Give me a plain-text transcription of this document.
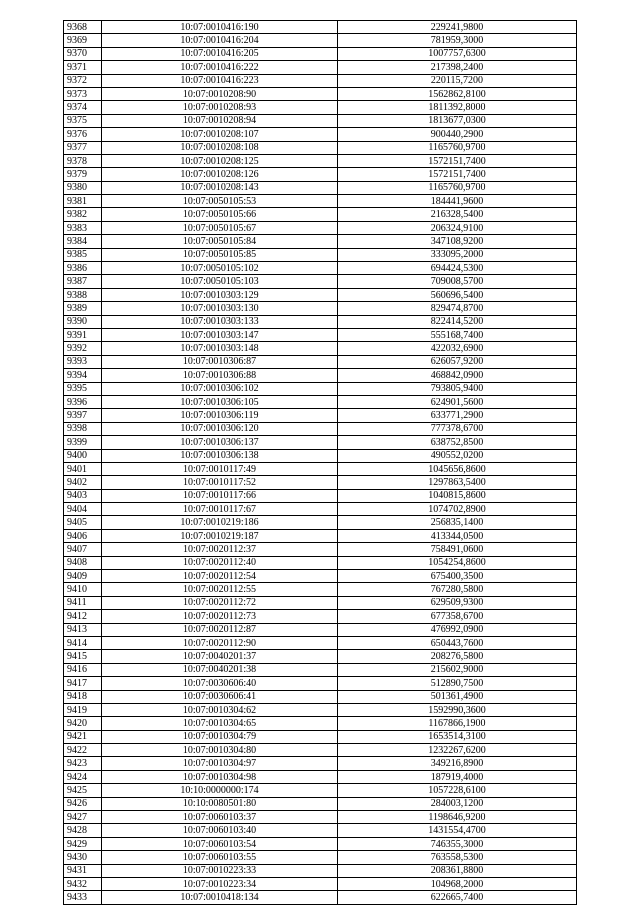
9368	10:07:0010416:190	229241,9800
9369	10:07:0010416:204	781959,3000
9370	10:07:0010416:205	1007757,6300
9371	10:07:0010416:222	217398,2400
9372	10:07:0010416:223	220115,7200
9373	10:07:0010208:90	1562862,8100
9374	10:07:0010208:93	1811392,8000
9375	10:07:0010208:94	1813677,0300
9376	10:07:0010208:107	900440,2900
9377	10:07:0010208:108	1165760,9700
9378	10:07:0010208:125	1572151,7400
9379	10:07:0010208:126	1572151,7400
9380	10:07:0010208:143	1165760,9700
9381	10:07:0050105:53	184441,9600
9382	10:07:0050105:66	216328,5400
9383	10:07:0050105:67	206324,9100
9384	10:07:0050105:84	347108,9200
9385	10:07:0050105:85	333095,2000
9386	10:07:0050105:102	694424,5300
9387	10:07:0050105:103	709008,5700
9388	10:07:0010303:129	560696,5400
9389	10:07:0010303:130	829474,8700
9390	10:07:0010303:133	822414,5200
9391	10:07:0010303:147	555168,7400
9392	10:07:0010303:148	422032,6900
9393	10:07:0010306:87	626057,9200
9394	10:07:0010306:88	468842,0900
9395	10:07:0010306:102	793805,9400
9396	10:07:0010306:105	624901,5600
9397	10:07:0010306:119	633771,2900
9398	10:07:0010306:120	777378,6700
9399	10:07:0010306:137	638752,8500
9400	10:07:0010306:138	490552,0200
9401	10:07:0010117:49	1045656,8600
9402	10:07:0010117:52	1297863,5400
9403	10:07:0010117:66	1040815,8600
9404	10:07:0010117:67	1074702,8900
9405	10:07:0010219:186	256835,1400
9406	10:07:0010219:187	413344,0500
9407	10:07:0020112:37	758491,0600
9408	10:07:0020112:40	1054254,8600
9409	10:07:0020112:54	675400,3500
9410	10:07:0020112:55	767280,5800
9411	10:07:0020112:72	629509,9300
9412	10:07:0020112:73	677358,6700
9413	10:07:0020112:87	476992,0900
9414	10:07:0020112:90	650443,7600
9415	10:07:0040201:37	208276,5800
9416	10:07:0040201:38	215602,9000
9417	10:07:0030606:40	512890,7500
9418	10:07:0030606:41	501361,4900
9419	10:07:0010304:62	1592990,3600
9420	10:07:0010304:65	1167866,1900
9421	10:07:0010304:79	1653514,3100
9422	10:07:0010304:80	1232267,6200
9423	10:07:0010304:97	349216,8900
9424	10:07:0010304:98	187919,4000
9425	10:10:0000000:174	1057228,6100
9426	10:10:0080501:80	284003,1200
9427	10:07:0060103:37	1198646,9200
9428	10:07:0060103:40	1431554,4700
9429	10:07:0060103:54	746355,3000
9430	10:07:0060103:55	763558,5300
9431	10:07:0010223:33	208361,8800
9432	10:07:0010223:34	104968,2000
9433	10:07:0010418:134	622665,7400
